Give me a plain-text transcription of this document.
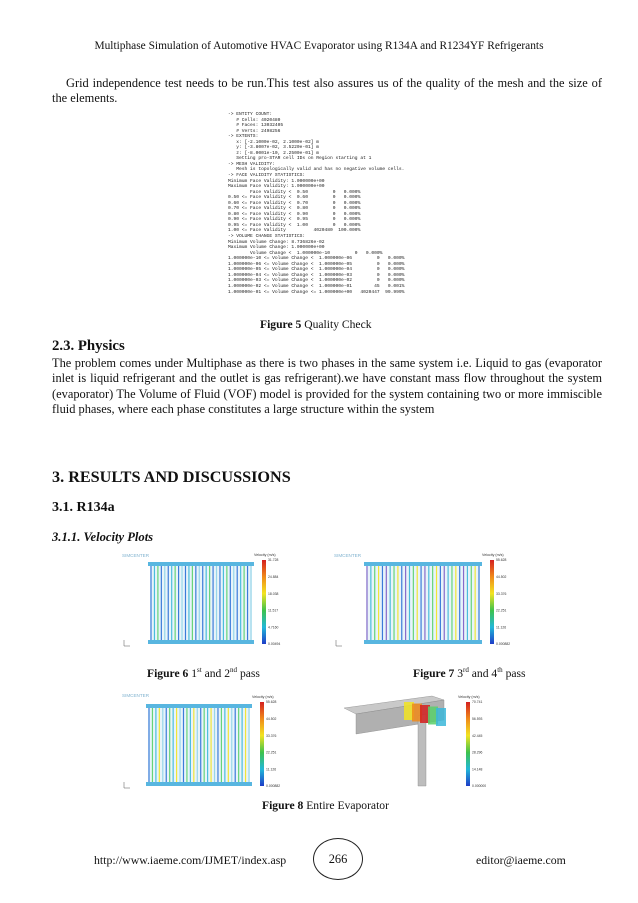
Multiphase Simulation of Automotive HVAC Evaporator using R134A and R1234YF Refrigerants

Grid independence test needs to be run.This test also assures us of the quality of the mesh and the size of the elements.

-> ENTITY COUNT:
# Cells: 4020480
# Faces: 13032405
# Verts: 2498256
-> EXTENTS:
x: [-2.1000e-02, 2.1000e-02] m
y: [-3.8007e-02, 3.5220e-01] m
z: [-8.0001e-10, 2.2500e-01] m
Setting pro-STAR cell IDs on Region starting at 1
-> MESH VALIDITY:
Mesh is topologically valid and has no negative volume cells.
-> FACE VALIDITY STATISTICS:
Minimum Face Validity: 1.000000e+00
Maximum Face Validity: 1.000000e+00
Face Validity <  0.50         0   0.000%
0.50 <= Face Validity <  0.60         0   0.000%
0.60 <= Face Validity <  0.70         0   0.000%
0.70 <= Face Validity <  0.80         0   0.000%
0.80 <= Face Validity <  0.90         0   0.000%
0.90 <= Face Validity <  0.95         0   0.000%
0.95 <= Face Validity <  1.00         0   0.000%
1.00 <= Face Validity          4020480  100.000%
-> VOLUME CHANGE STATISTICS:
Minimum Volume Change: 8.736826e-02
Maximum Volume Change: 1.000000e+00
Volume Change <  1.000000e-10         0   0.000%
1.000000e-10 <= Volume Change <  1.000000e-06         0   0.000%
1.000000e-06 <= Volume Change <  1.000000e-05         0   0.000%
1.000000e-05 <= Volume Change <  1.000000e-04         0   0.000%
1.000000e-04 <= Volume Change <  1.000000e-03         0   0.000%
1.000000e-03 <= Volume Change <  1.000000e-02         0   0.000%
1.000000e-02 <= Volume Change <  1.000000e-01        45   0.001%
1.000000e-01 <= Volume Change <= 1.000000e+00   4020447  99.999%
Figure 5 Quality Check
2.3. Physics

The problem comes under Multiphase as there is two phases in the same system i.e. Liquid to gas (evaporator inlet is liquid refrigerant and the outlet is gas refrigerant).we have constant mass flow throughout the system (evaporator) The Volume of Fluid (VOF) model is provided for the system containing two or more immiscible fluid phases, where each phase constitutes a large structure within the system

3. RESULTS AND DISCUSSIONS
3.1. R134a
3.1.1. Velocity Plots
SIMCENTER	Velocity (m/s)
31.728
24.884
18.038
11.517
4.7160
0.00494
SIMCENTER	Velocity (m/s)
55.628
44.502
33.376
22.251
11.126
0.000882
Figure 6 1st and 2nd pass	Figure 7 3rd and 4th pass
SIMCENTER	Velocity (m/s)
55.628
44.502
33.376
22.251
11.126
0.000882
Velocity (m/s)
70.741
56.593
42.445
28.296
14.148
0.000000
Figure 8 Entire Evaporator
http://www.iaeme.com/IJMET/index.asp	266	editor@iaeme.com
